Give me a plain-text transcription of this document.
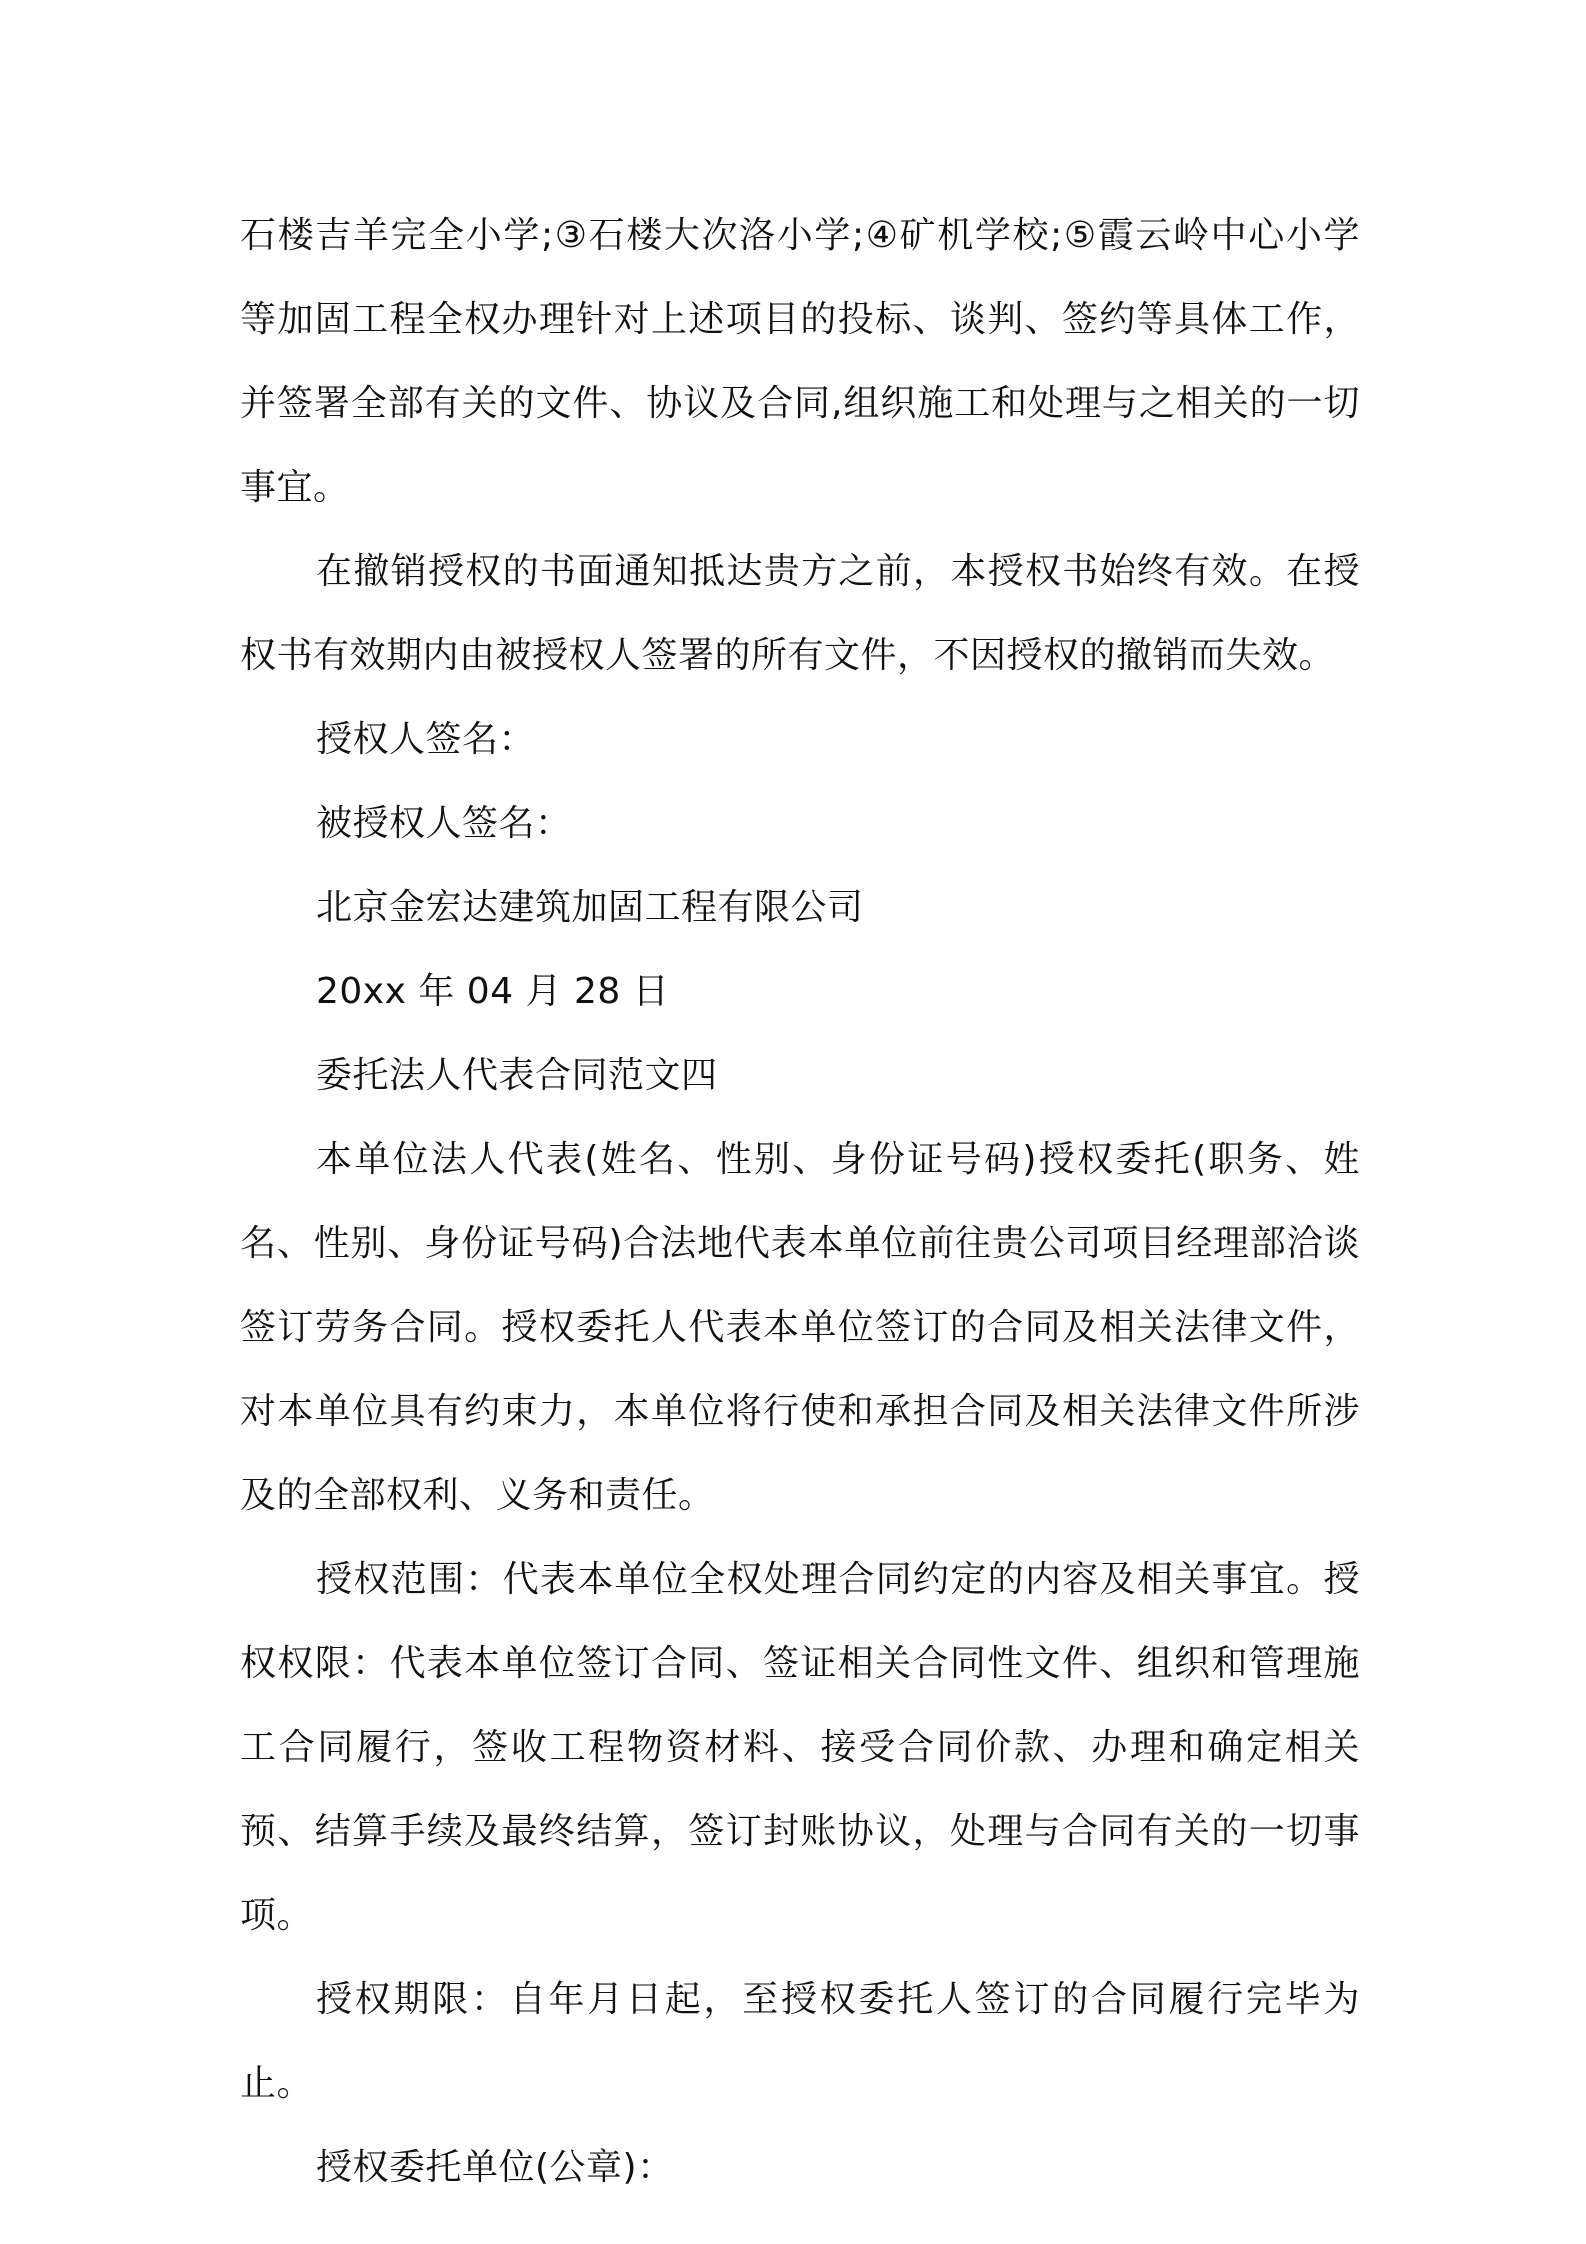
石楼吉羊完全小学;③石楼大次洛小学;④矿机学校;⑤霞云岭中心小学等加固工程全权办理针对上述项目的投标、谈判、签约等具体工作，并签署全部有关的文件、协议及合同,组织施工和处理与之相关的一切事宜。

在撤销授权的书面通知抵达贵方之前，本授权书始终有效。在授权书有效期内由被授权人签署的所有文件，不因授权的撤销而失效。

授权人签名：

被授权人签名：

北京金宏达建筑加固工程有限公司

20xx 年 04 月 28 日

委托法人代表合同范文四

本单位法人代表(姓名、性别、身份证号码)授权委托(职务、姓名、性别、身份证号码)合法地代表本单位前往贵公司项目经理部洽谈签订劳务合同。授权委托人代表本单位签订的合同及相关法律文件，对本单位具有约束力，本单位将行使和承担合同及相关法律文件所涉及的全部权利、义务和责任。

授权范围：代表本单位全权处理合同约定的内容及相关事宜。授权权限：代表本单位签订合同、签证相关合同性文件、组织和管理施工合同履行，签收工程物资材料、接受合同价款、办理和确定相关预、结算手续及最终结算，签订封账协议，处理与合同有关的一切事项。

授权期限：自年月日起，至授权委托人签订的合同履行完毕为止。

授权委托单位(公章)：
